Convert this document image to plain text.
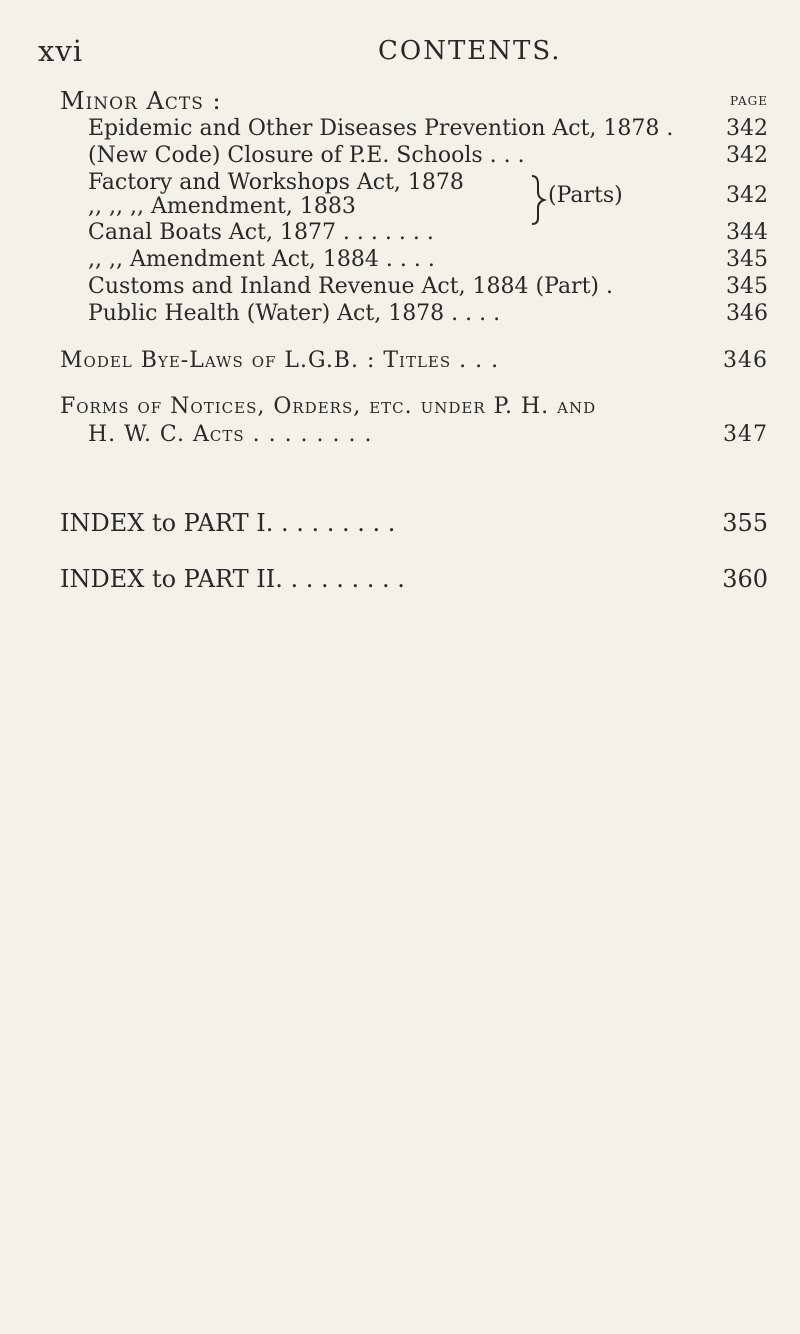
xvi	CONTENTS.
Minor Acts :	PAGE
Epidemic and Other Diseases Prevention Act, 1878 . 342
(New Code) Closure of P.E. Schools . . .	342
Factory and Workshops Act, 1878
,, ,, ,, Amendment, 1883	(Parts)	342
Canal Boats Act, 1877 . . . . . . .	344
,, ,, Amendment Act, 1884 . . . .	345
Customs and Inland Revenue Act, 1884 (Part) .	345
Public Health (Water) Act, 1878 . . . .	346
Model Bye-Laws of L.G.B. : Titles . . .	346
Forms of Notices, Orders, etc. under P. H. and
H. W. C. Acts . . . . . . . .	347
INDEX to PART I. . . . . . . . .	355
INDEX to PART II. . . . . . . . .	360
